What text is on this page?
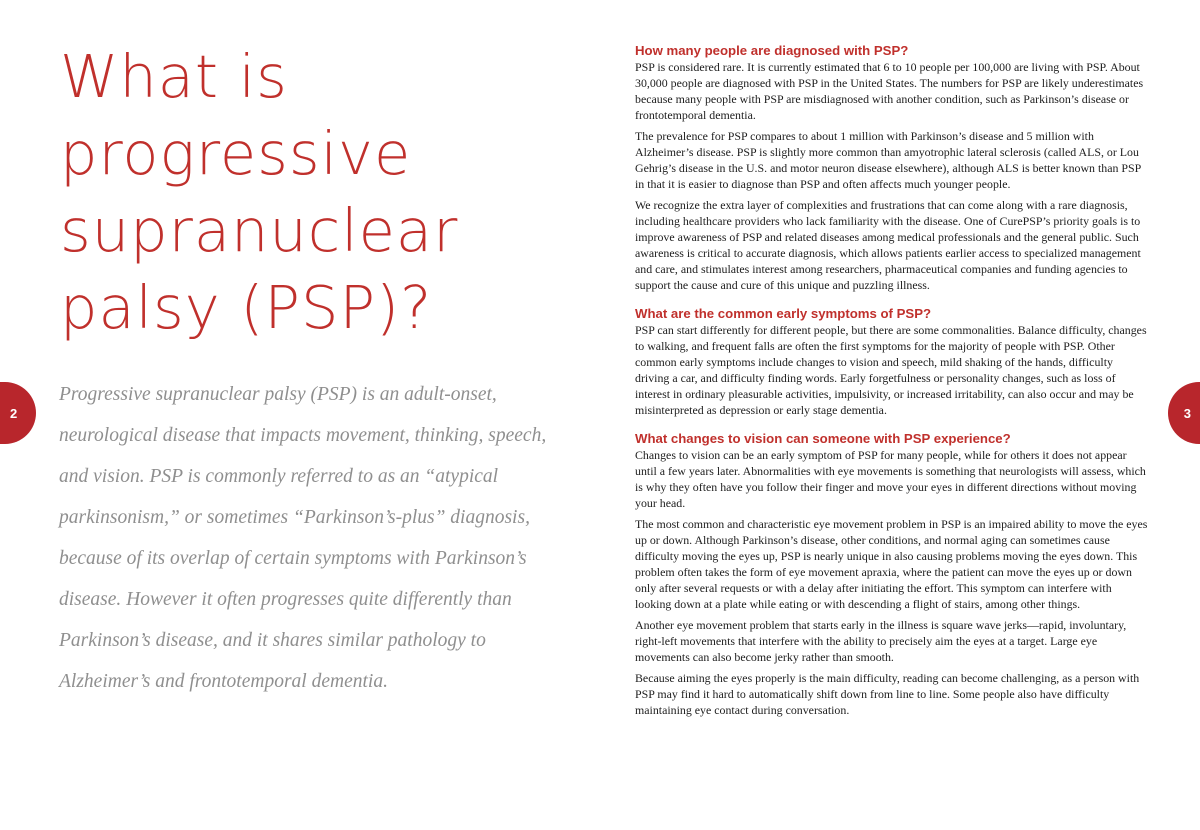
What is progressive supranuclear palsy (PSP)?

Progressive supranuclear palsy (PSP) is an adult-onset, neurological disease that impacts movement, thinking, speech, and vision. PSP is commonly referred to as an “atypical parkinsonism,” or sometimes “Parkinson’s-plus” diagnosis, because of its overlap of certain symptoms with Parkinson’s disease. However it often progresses quite differently than Parkinson’s disease, and it shares similar pathology to Alzheimer’s and frontotemporal dementia.

2	3
How many people are diagnosed with PSP?

PSP is considered rare. It is currently estimated that 6 to 10 people per 100,000 are living with PSP. About 30,000 people are diagnosed with PSP in the United States. The numbers for PSP are likely underestimates because many people with PSP are misdiagnosed with another condition, such as Parkinson’s disease or frontotemporal dementia.

The prevalence for PSP compares to about 1 million with Parkinson’s disease and 5 million with Alzheimer’s disease. PSP is slightly more common than amyotrophic lateral sclerosis (called ALS, or Lou Gehrig’s disease in the U.S. and motor neuron disease elsewhere), although ALS is better known than PSP in that it is easier to diagnose than PSP and often affects much younger people.

We recognize the extra layer of complexities and frustrations that can come along with a rare diagnosis, including healthcare providers who lack familiarity with the disease. One of CurePSP’s priority goals is to improve awareness of PSP and related diseases among medical professionals and the general public. Such awareness is critical to accurate diagnosis, which allows patients earlier access to specialized management and care, and stimulates interest among researchers, pharmaceutical companies and funding agencies to support the cause and cure of this unique and puzzling illness.

What are the common early symptoms of PSP?

PSP can start differently for different people, but there are some commonalities. Balance difficulty, changes to walking, and frequent falls are often the first symptoms for the majority of people with PSP. Other common early symptoms include changes to vision and speech, mild shaking of the hands, difficulty driving a car, and difficulty finding words. Early forgetfulness or personality changes, such as loss of interest in ordinary pleasurable activities, impulsivity, or increased irritability, can also occur and may be misinterpreted as depression or early stage dementia.

What changes to vision can someone with PSP experience?

Changes to vision can be an early symptom of PSP for many people, while for others it does not appear until a few years later. Abnormalities with eye movements is something that neurologists will assess, which is why they often have you follow their finger and move your eyes in different directions without moving your head.

The most common and characteristic eye movement problem in PSP is an impaired ability to move the eyes up or down. Although Parkinson’s disease, other conditions, and normal aging can sometimes cause difficulty moving the eyes up, PSP is nearly unique in also causing problems moving the eyes down. This problem often takes the form of eye movement apraxia, where the patient can move the eyes up or down only after several requests or with a delay after initiating the effort. This symptom can interfere with looking down at a plate while eating or with descending a flight of stairs, among other things.

Another eye movement problem that starts early in the illness is square wave jerks—rapid, involuntary, right-left movements that interfere with the ability to precisely aim the eyes at a target. Large eye movements can also become jerky rather than smooth.

Because aiming the eyes properly is the main difficulty, reading can become challenging, as a person with PSP may find it hard to automatically shift down from line to line. Some people also have difficulty maintaining eye contact during conversation.
